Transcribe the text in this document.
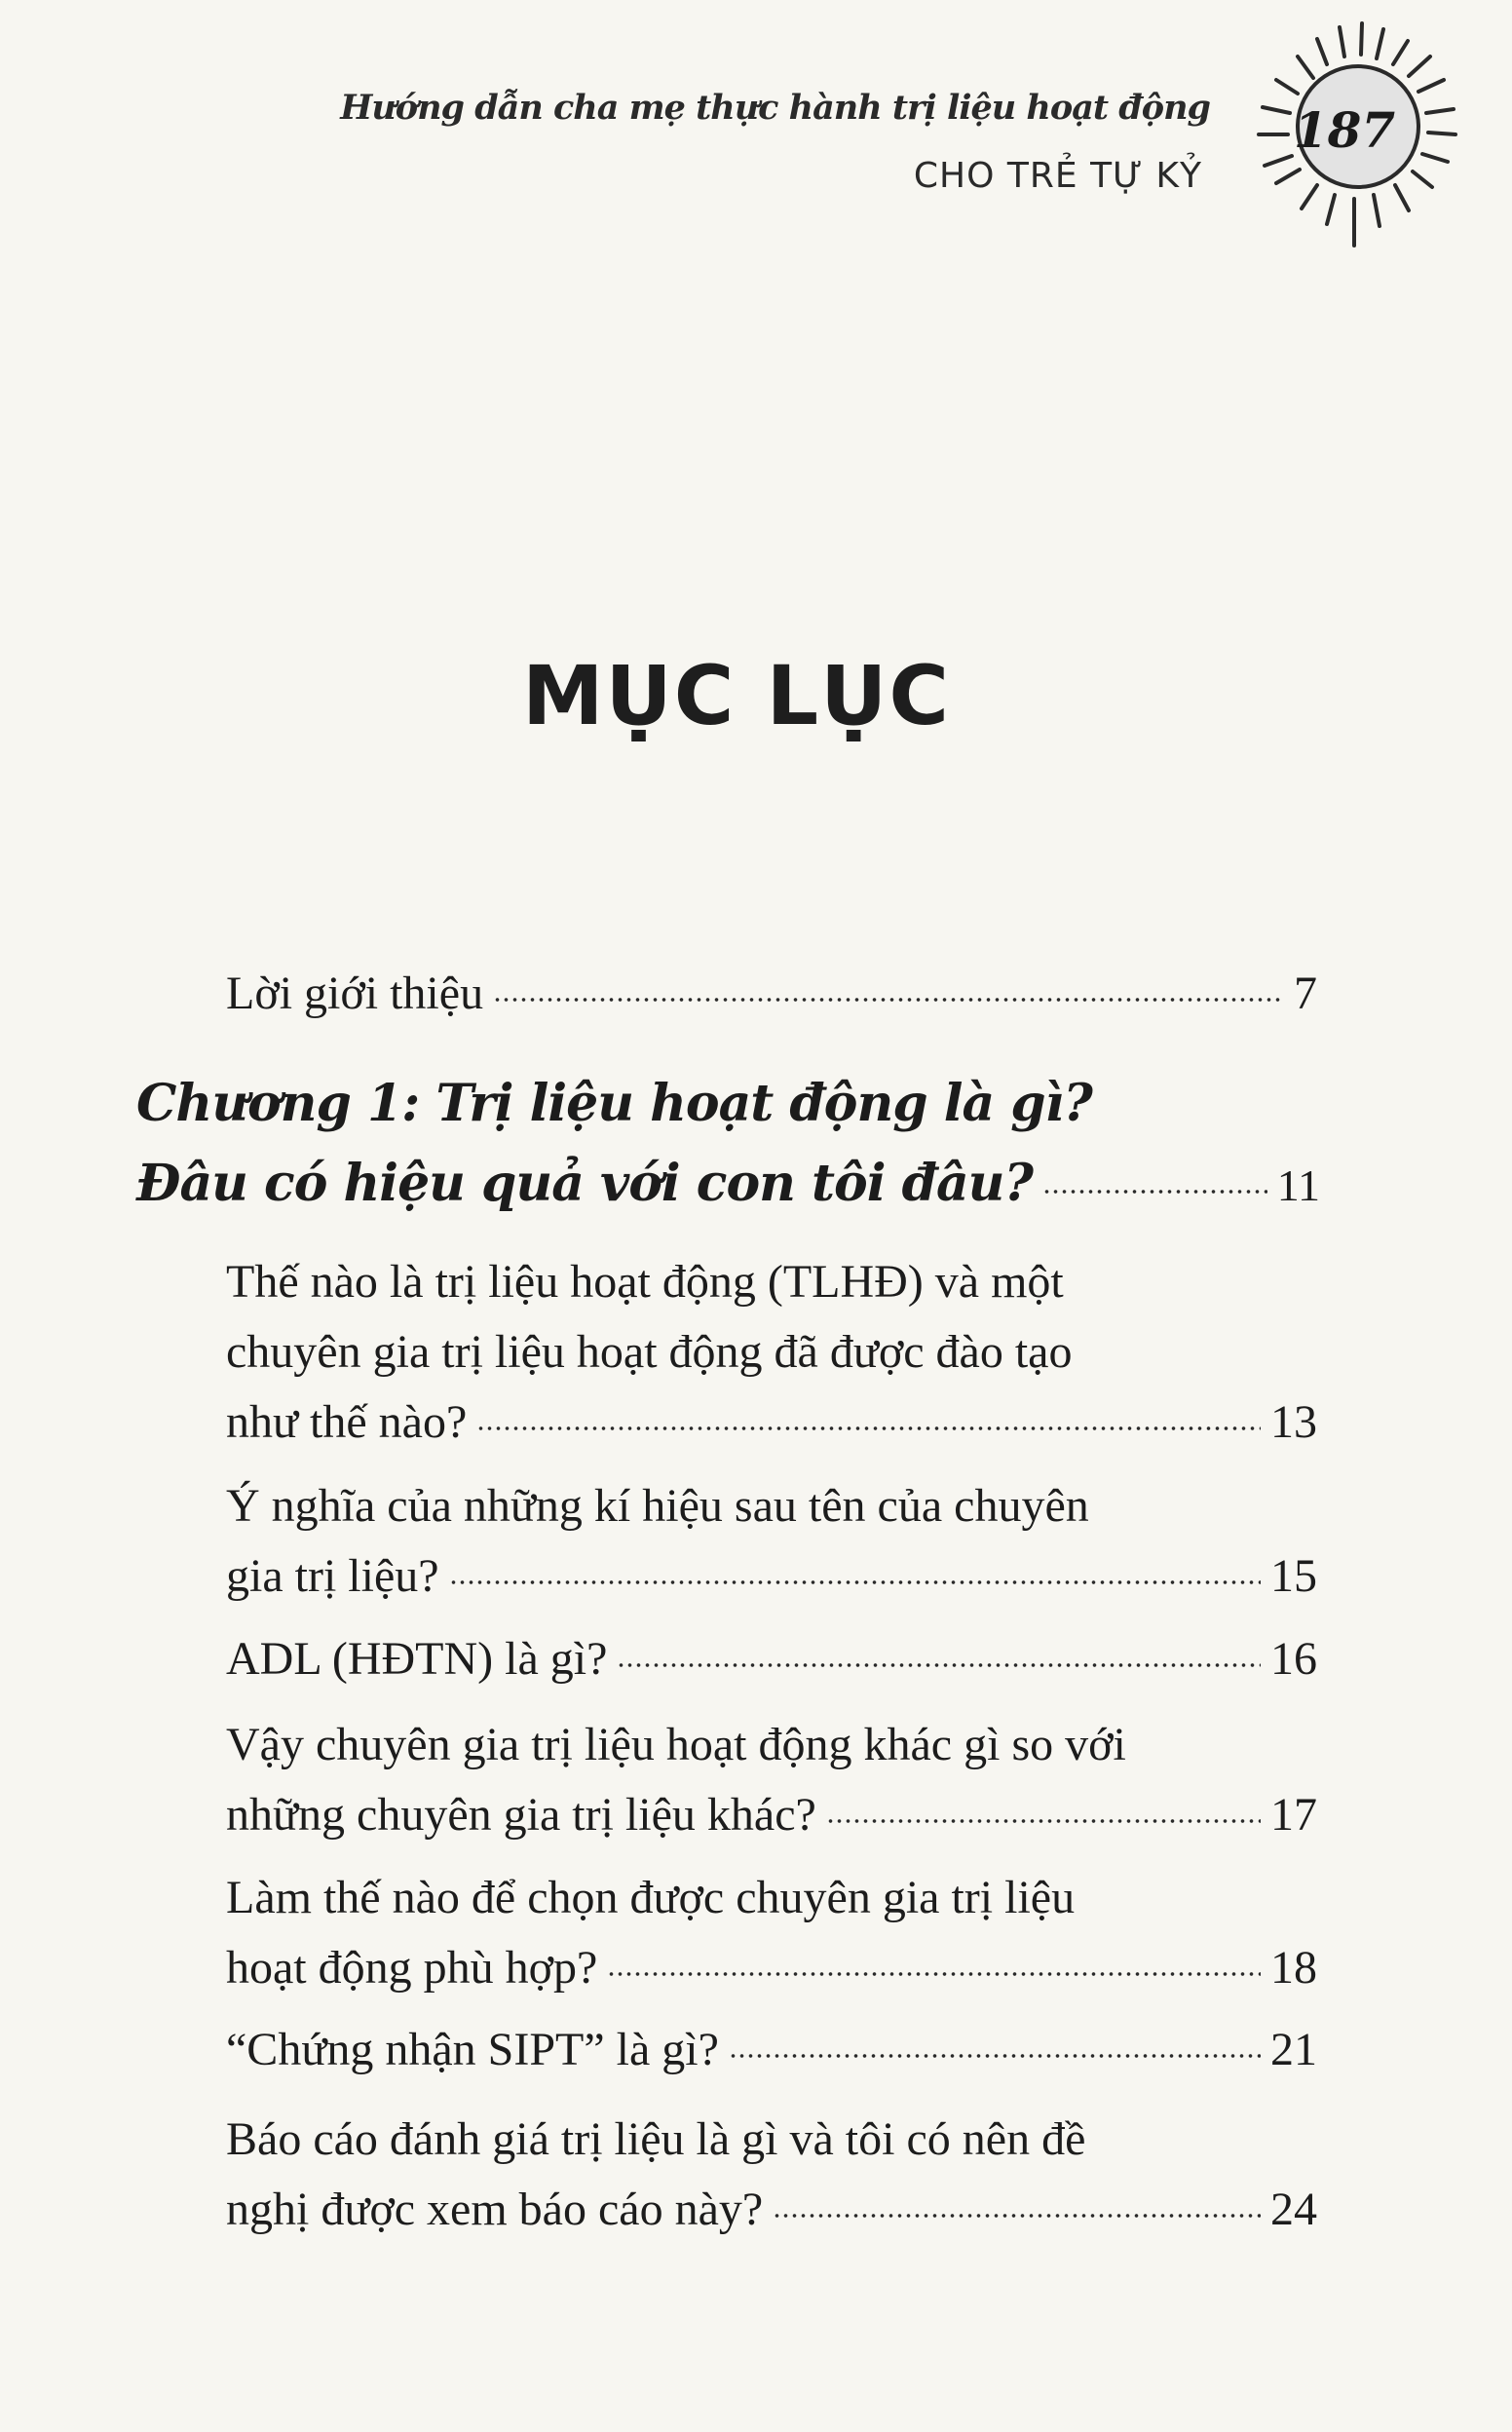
Hướng dẫn cha mẹ thực hành trị liệu hoạt động
CHO TRẺ TỰ KỶ
187
MỤC LỤC
Lời giới thiệu	7
Chương 1: Trị liệu hoạt động là gì?
Đâu có hiệu quả với con tôi đâu?	11
Thế nào là trị liệu hoạt động (TLHĐ) và một
chuyên gia trị liệu hoạt động đã được đào tạo
như thế nào?	13
Ý nghĩa của những kí hiệu sau tên của chuyên
gia trị liệu?	15
ADL (HĐTN) là gì?	16
Vậy chuyên gia trị liệu hoạt động khác gì so với
những chuyên gia trị liệu khác?	17
Làm thế nào để chọn được chuyên gia trị liệu
hoạt động phù hợp?	18
“Chứng nhận SIPT” là gì?	21
Báo cáo đánh giá trị liệu là gì và tôi có nên đề
nghị được xem báo cáo này?	24
